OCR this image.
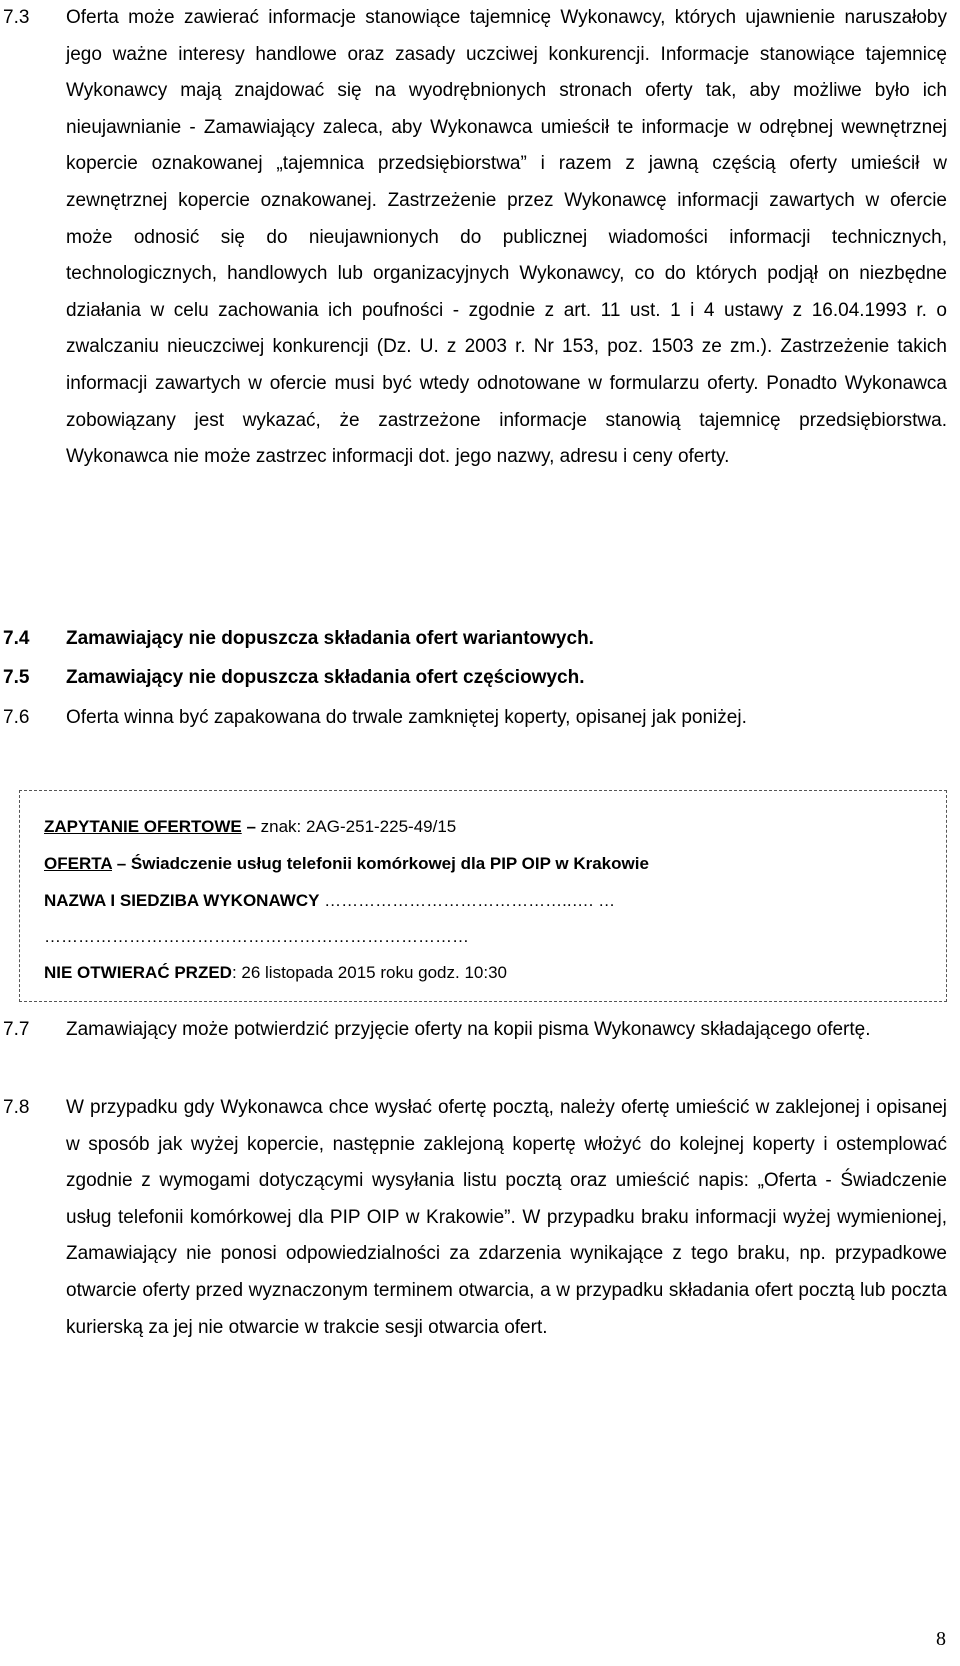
7.3 Oferta może zawierać informacje stanowiące tajemnicę Wykonawcy, których ujawnienie naruszałoby jego ważne interesy handlowe oraz zasady uczciwej konkurencji. Informacje stanowiące tajemnicę Wykonawcy mają znajdować się na wyodrębnionych stronach oferty tak, aby możliwe było ich nieujawnianie - Zamawiający zaleca, aby Wykonawca umieścił te informacje w odrębnej wewnętrznej kopercie oznakowanej „tajemnica przedsiębiorstwa” i razem z jawną częścią oferty umieścił w zewnętrznej kopercie oznakowanej. Zastrzeżenie przez Wykonawcę informacji zawartych w ofercie może odnosić się do nieujawnionych do publicznej wiadomości informacji technicznych, technologicznych, handlowych lub organizacyjnych Wykonawcy, co do których podjął on niezbędne działania w celu zachowania ich poufności - zgodnie z art. 11 ust. 1 i 4 ustawy z 16.04.1993 r. o zwalczaniu nieuczciwej konkurencji (Dz. U. z 2003 r. Nr 153, poz. 1503 ze zm.). Zastrzeżenie takich informacji zawartych w ofercie musi być wtedy odnotowane w formularzu oferty. Ponadto Wykonawca zobowiązany jest wykazać, że zastrzeżone informacje stanowią tajemnicę przedsiębiorstwa. Wykonawca nie może zastrzec informacji dot. jego nazwy, adresu i ceny oferty.
7.4 Zamawiający nie dopuszcza składania ofert wariantowych.
7.5 Zamawiający nie dopuszcza składania ofert częściowych.
7.6 Oferta winna być zapakowana do trwale zamkniętej koperty, opisanej jak poniżej.
ZAPYTANIE OFERTOWE – znak: 2AG-251-225-49/15
OFERTA – Świadczenie usług telefonii komórkowej dla PIP OIP w Krakowie
NAZWA I SIEDZIBA WYKONAWCY ……………………………………..…. …
…………………………………………………………………
NIE OTWIERAĆ PRZED: 26 listopada 2015 roku godz. 10:30
7.7 Zamawiający może potwierdzić przyjęcie oferty na kopii pisma Wykonawcy składającego ofertę.
7.8 W przypadku gdy Wykonawca chce wysłać ofertę pocztą, należy ofertę umieścić w zaklejonej i opisanej w sposób jak wyżej kopercie, następnie zaklejoną kopertę włożyć do kolejnej koperty i ostemplować zgodnie z wymogami dotyczącymi wysyłania listu pocztą oraz umieścić napis: „Oferta - Świadczenie usług telefonii komórkowej dla PIP OIP w Krakowie”. W przypadku braku informacji wyżej wymienionej, Zamawiający nie ponosi odpowiedzialności za zdarzenia wynikające z tego braku, np. przypadkowe otwarcie oferty przed wyznaczonym terminem otwarcia, a w przypadku składania ofert pocztą lub poczta kurierską za jej nie otwarcie w trakcie sesji otwarcia ofert.
8
